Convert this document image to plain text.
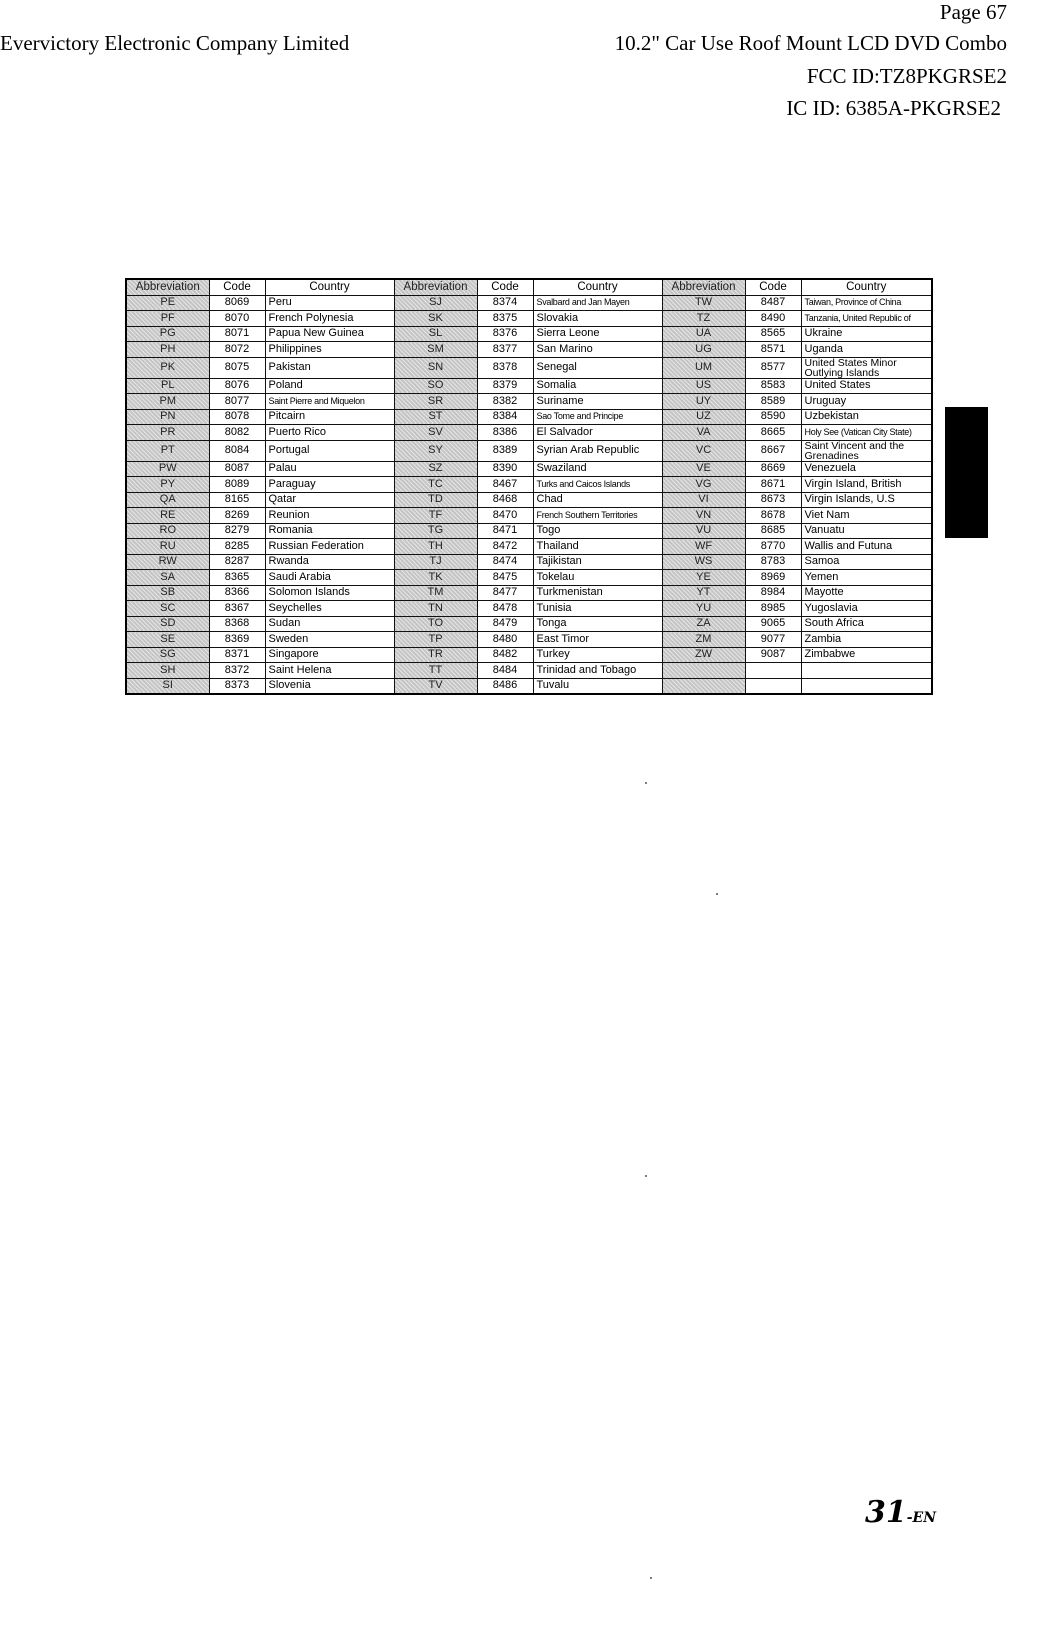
Page 67
Evervictory Electronic Company Limited	10.2" Car Use Roof Mount LCD DVD Combo
FCC ID:TZ8PKGRSE2
IC ID: 6385A-PKGRSE2
Abbreviation	Code	Country	Abbreviation	Code	Country	Abbreviation	Code	Country
PE	8069	Peru	SJ	8374	Svalbard and Jan Mayen	TW	8487	Taiwan, Province of China
PF	8070	French Polynesia	SK	8375	Slovakia	TZ	8490	Tanzania, United Republic of
PG	8071	Papua New Guinea	SL	8376	Sierra Leone	UA	8565	Ukraine
PH	8072	Philippines	SM	8377	San Marino	UG	8571	Uganda
PK	8075	Pakistan	SN	8378	Senegal	UM	8577	United States Minor Outlying Islands
PL	8076	Poland	SO	8379	Somalia	US	8583	United States
PM	8077	Saint Pierre and Miquelon	SR	8382	Suriname	UY	8589	Uruguay
PN	8078	Pitcairn	ST	8384	Sao Tome and Principe	UZ	8590	Uzbekistan
PR	8082	Puerto Rico	SV	8386	El Salvador	VA	8665	Holy See (Vatican City State)
PT	8084	Portugal	SY	8389	Syrian Arab Republic	VC	8667	Saint Vincent and the Grenadines
PW	8087	Palau	SZ	8390	Swaziland	VE	8669	Venezuela
PY	8089	Paraguay	TC	8467	Turks and Caicos Islands	VG	8671	Virgin Island, British
QA	8165	Qatar	TD	8468	Chad	VI	8673	Virgin Islands, U.S
RE	8269	Reunion	TF	8470	French Southern Territories	VN	8678	Viet Nam
RO	8279	Romania	TG	8471	Togo	VU	8685	Vanuatu
RU	8285	Russian Federation	TH	8472	Thailand	WF	8770	Wallis and Futuna
RW	8287	Rwanda	TJ	8474	Tajikistan	WS	8783	Samoa
SA	8365	Saudi Arabia	TK	8475	Tokelau	YE	8969	Yemen
SB	8366	Solomon Islands	TM	8477	Turkmenistan	YT	8984	Mayotte
SC	8367	Seychelles	TN	8478	Tunisia	YU	8985	Yugoslavia
SD	8368	Sudan	TO	8479	Tonga	ZA	9065	South Africa
SE	8369	Sweden	TP	8480	East Timor	ZM	9077	Zambia
SG	8371	Singapore	TR	8482	Turkey	ZW	9087	Zimbabwe
SH	8372	Saint Helena	TT	8484	Trinidad and Tobago			
SI	8373	Slovenia	TV	8486	Tuvalu			
31-EN
